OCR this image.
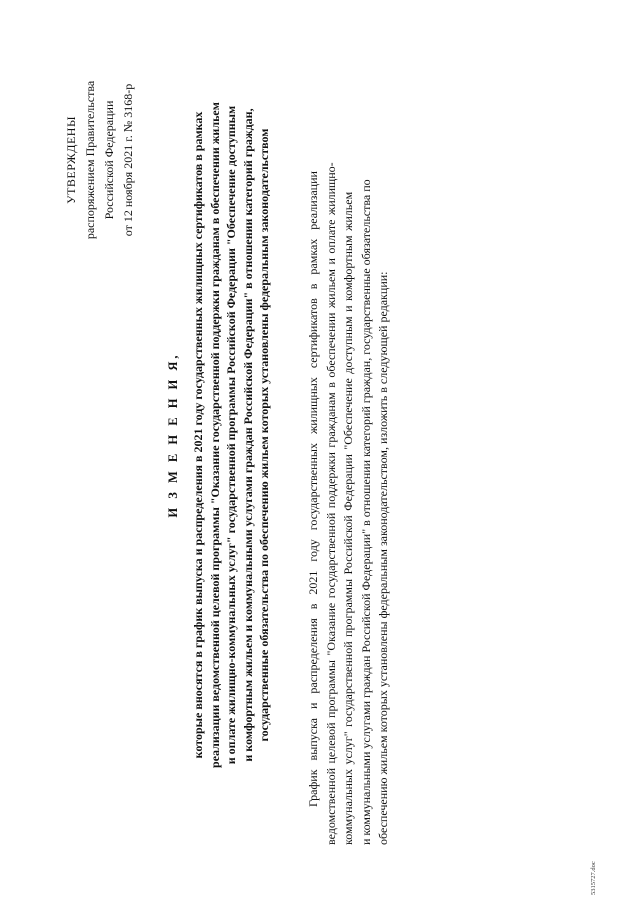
УТВЕРЖДЕНЫ распоряжением Правительства Российской Федерации от 12 ноября 2021 г. № 3168-р
И З М Е Н Е Н И Я, которые вносятся в график выпуска и распределения в 2021 году государственных жилищных сертификатов в рамках реализации ведомственной целевой программы "Оказание государственной поддержки гражданам в обеспечении жильем и оплате жилищно-коммунальных услуг" государственной программы Российской Федерации "Обеспечение доступным и комфортным жильем и коммунальными услугами граждан Российской Федерации" в отношении категорий граждан, государственные обязательства по обеспечению жильем которых установлены федеральным законодательством	График выпуска и распределения в 2021 году государственных жилищных сертификатов в рамках реализации ведомственной целевой программы "Оказание государственной поддержки гражданам в обеспечении жильем и оплате жилищно- коммунальных услуг" государственной программы Российской Федерации "Обеспечение доступным и комфортным жильем и коммунальными услугами граждан Российской Федерации" в отношении категорий граждан, государственные обязательства по обеспечению жильем которых установлены федеральным законодательством, изложить в следующей редакции:
5315727.doc
